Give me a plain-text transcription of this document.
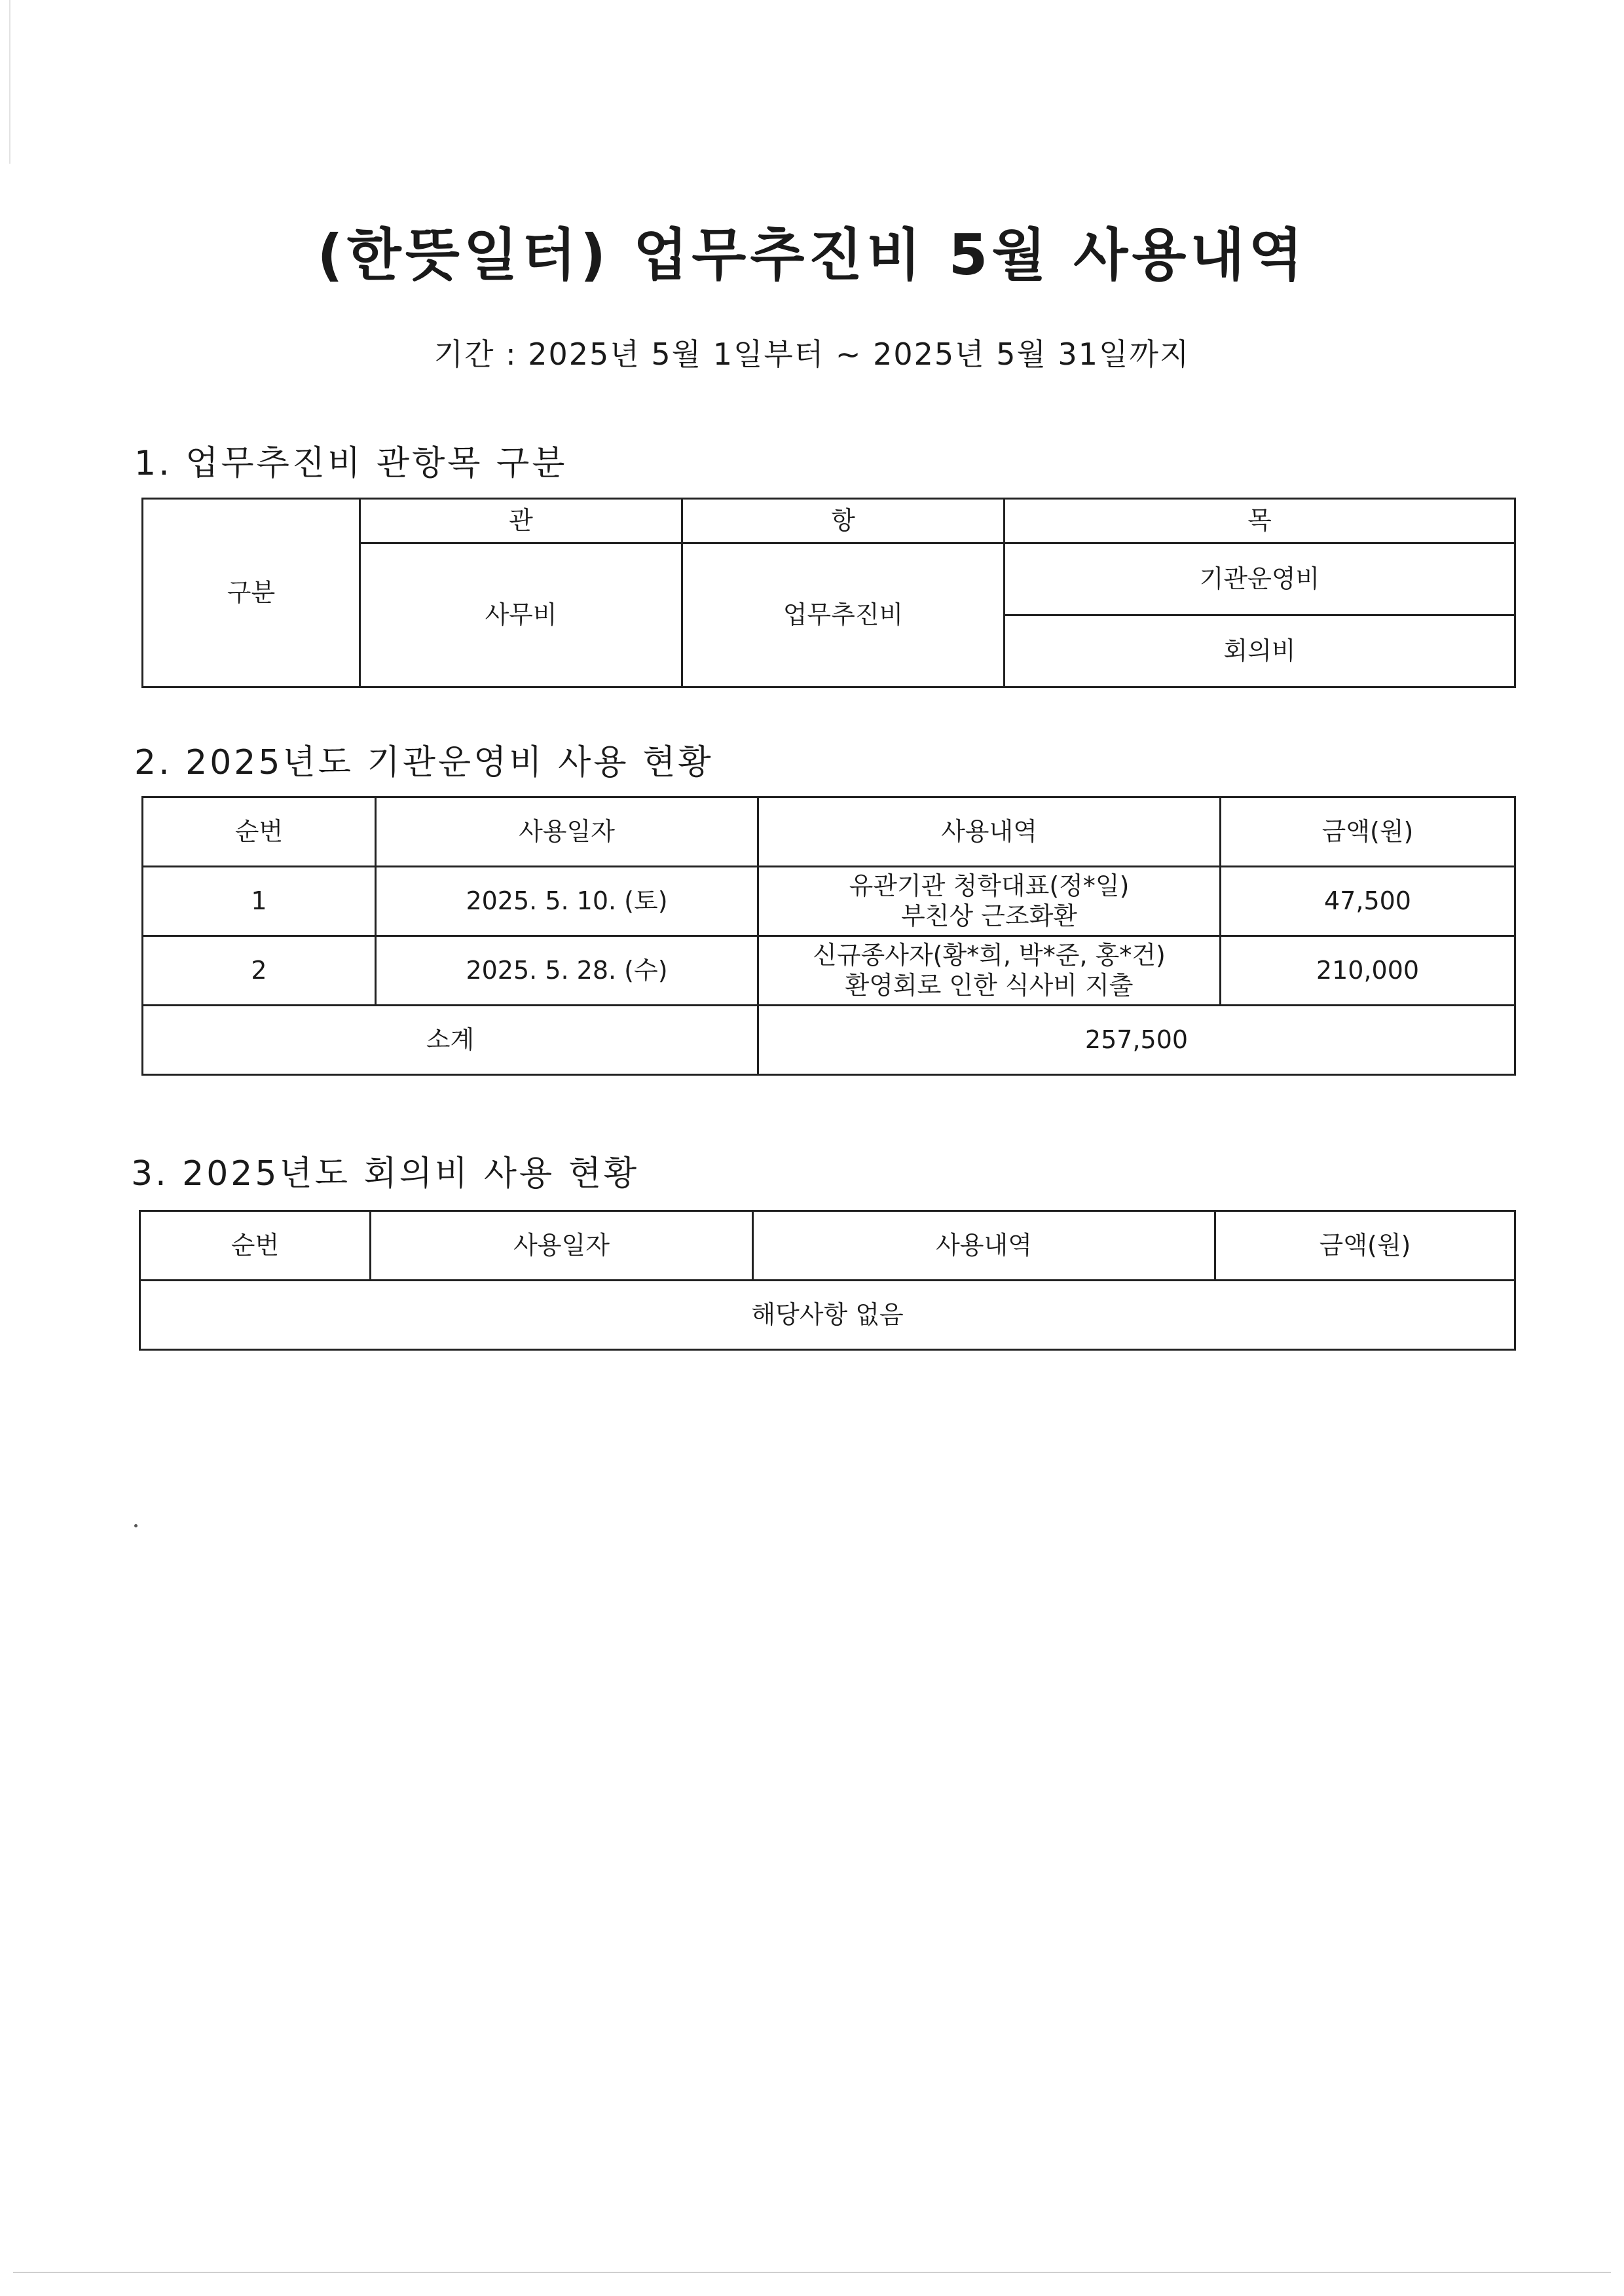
(한뜻일터) 업무추진비 5월 사용내역
기간 : 2025년 5월 1일부터 ~ 2025년 5월 31일까지
1. 업무추진비 관항목 구분
구분	관	항	목
	사무비	업무추진비	기관운영비
			회의비
2. 2025년도 기관운영비 사용 현황
순번	사용일자	사용내역	금액(원)
1	2025. 5. 10. (토)	유관기관 청학대표(정*일)
부친상 근조화환	47,500
2	2025. 5. 28. (수)	신규종사자(황*희, 박*준, 홍*건)
환영회로 인한 식사비 지출	210,000
소계		257,500	
3. 2025년도 회의비 사용 현황
순번	사용일자	사용내역	금액(원)
해당사항 없음
